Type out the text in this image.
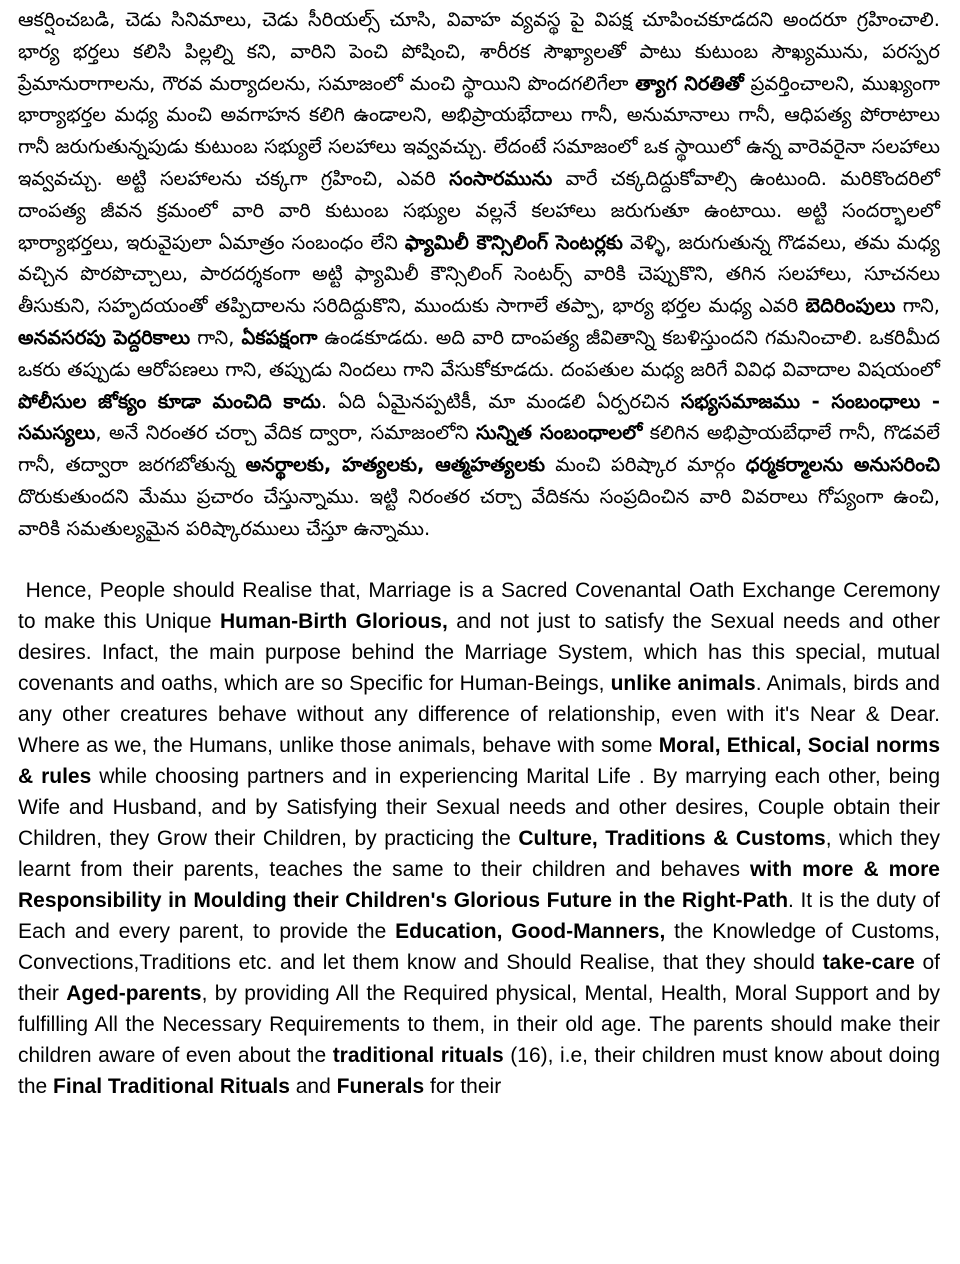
ఆకర్షించబడి, చెడు సినిమాలు, చెడు సీరియల్స్ చూసి, వివాహ వ్యవస్థ పై విపక్ష చూపించకూడదని అందరూ గ్రహించాలి. భార్య భర్తలు కలిసి పిల్లల్ని కని, వారిని పెంచి పోషించి, శారీరక సౌఖ్యాలతో పాటు కుటుంబ సౌఖ్యమును, పరస్పర ప్రేమానురాగాలను, గౌరవ మర్యాదలను, సమాజంలో మంచి స్థాయిని పొందగలిగేలా త్యాగ నిరతితో ప్రవర్తించాలని, ముఖ్యంగా భార్యాభర్తల మధ్య మంచి అవగాహన కలిగి ఉండాలని, అభిప్రాయభేదాలు గానీ, అనుమానాలు గానీ, ఆధిపత్య పోరాటాలు గానీ జరుగుతున్నపుడు కుటుంబ సభ్యులే సలహాలు ఇవ్వవచ్చు. లేదంటే సమాజంలో ఒక స్థాయిలో ఉన్న వారెవరైనా సలహాలు ఇవ్వవచ్చు. అట్టి సలహాలను చక్కగా గ్రహించి, ఎవరి సంసారమును వారే చక్కదిద్దుకోవాల్సి ఉంటుంది. మరికొందరిలో దాంపత్య జీవన క్రమంలో వారి వారి కుటుంబ సభ్యుల వల్లనే కలహాలు జరుగుతూ ఉంటాయి. అట్టి సందర్భాలలో భార్యాభర్తలు, ఇరువైపులా ఏమాత్రం సంబంధం లేని ఫ్యామిలీ కౌన్సిలింగ్ సెంటర్లకు వెళ్ళి, జరుగుతున్న గొడవలు, తమ మధ్య వచ్చిన పొరపొచ్చాలు, పారదర్శకంగా అట్టి ఫ్యామిలీ కౌన్సిలింగ్ సెంటర్స్ వారికి చెప్పుకొని, తగిన సలహాలు, సూచనలు తీసుకుని, సహృదయంతో తప్పిదాలను సరిదిద్దుకొని, ముందుకు సాగాలే తప్పా, భార్య భర్తల మధ్య ఎవరి బెదిరింపులు గాని, అనవసరపు పెద్దరికాలు గాని, ఏకపక్షంగా ఉండకూడదు. అది వారి దాంపత్య జీవితాన్ని కబళిస్తుందని గమనించాలి. ఒకరిమీద ఒకరు తప్పుడు ఆరోపణలు గాని, తప్పుడు నిందలు గాని వేసుకోకూడదు. దంపతుల మధ్య జరిగే వివిధ వివాదాల విషయంలో పోలీసుల జోక్యం కూడా మంచిది కాదు. ఏది ఏమైనప్పటికీ, మా మండలి ఏర్పరచిన సభ్యసమాజము - సంబంధాలు - సమస్యలు, అనే నిరంతర చర్చా వేదిక ద్వారా, సమాజంలోని సున్నిత సంబంధాలలో కలిగిన అభిప్రాయబేధాలే గానీ, గొడవలే గానీ, తద్వారా జరగబోతున్న అనర్థాలకు, హత్యలకు, ఆత్మహత్యలకు మంచి పరిష్కార మార్గం ధర్మకర్మాలను అనుసరించి దొరుకుతుందని మేము ప్రచారం చేస్తున్నాము. ఇట్టి నిరంతర చర్చా వేదికను సంప్రదించిన వారి వివరాలు గోప్యంగా ఉంచి, వారికి సమతుల్యమైన పరిష్కారములు చేస్తూ ఉన్నాము.

Hence, People should Realise that, Marriage is a Sacred Covenantal Oath Exchange Ceremony to make this Unique Human-Birth Glorious, and not just to satisfy the Sexual needs and other desires. Infact, the main purpose behind the Marriage System, which has this special, mutual covenants and oaths, which are so Specific for Human-Beings, unlike animals. Animals, birds and any other creatures behave without any difference of relationship, even with it's Near & Dear. Where as we, the Humans, unlike those animals, behave with some Moral, Ethical, Social norms & rules while choosing partners and in experiencing Marital Life . By marrying each other, being Wife and Husband, and by Satisfying their Sexual needs and other desires, Couple obtain their Children, they Grow their Children, by practicing the Culture, Traditions & Customs, which they learnt from their parents, teaches the same to their children and behaves with more & more Responsibility in Moulding their Children's Glorious Future in the Right-Path. It is the duty of Each and every parent, to provide the Education, Good-Manners, the Knowledge of Customs, Convections,Traditions etc. and let them know and Should Realise, that they should take-care of their Aged-parents, by providing All the Required physical, Mental, Health, Moral Support and by fulfilling All the Necessary Requirements to them, in their old age. The parents should make their children aware of even about the traditional rituals (16), i.e, their children must know about doing the Final Traditional Rituals and Funerals for their
